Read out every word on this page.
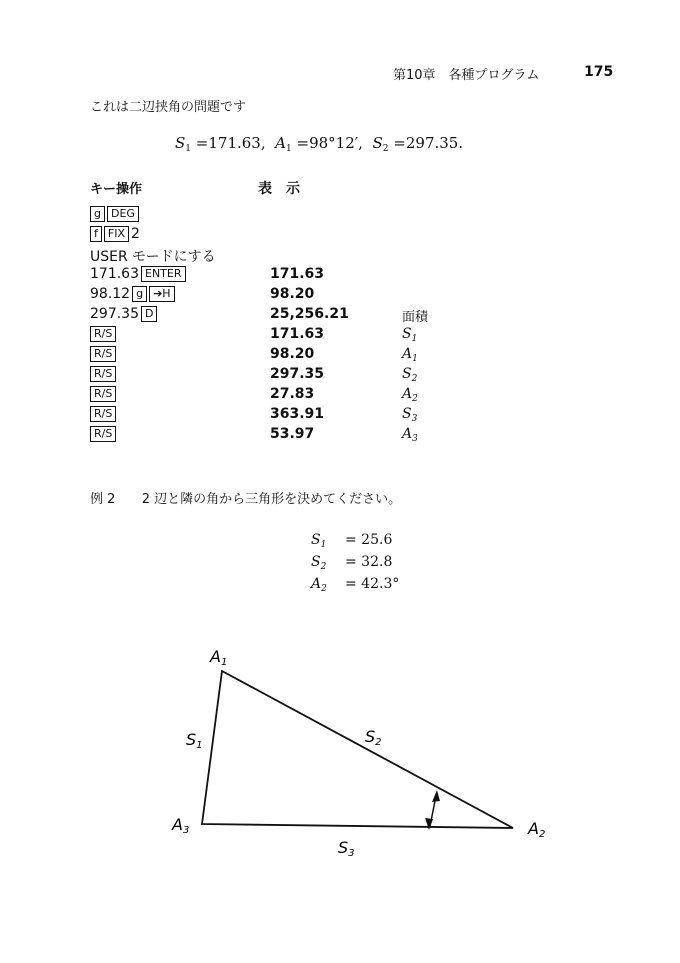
第10章　各種プログラム	175
これは二辺挟角の問題です
$S_1 =171.63$, $A_1 =98^\circ 12'$, $S_2 =297.35$.
キー操作	表　示
g DEG
f FIX 2
USER モードにする
171.63 ENTER	171.63
98.12 g ➔H	98.20
297.35 D	25,256.21	面積
R/S	171.63	$S_1$
R/S	98.20	$A_1$
R/S	297.35	$S_2$
R/S	27.83	$A_2$
R/S	363.91	$S_3$
R/S	53.97	$A_3$
例 2 2 辺と隣の角から三角形を決めてください。
$S_1 = 25.6$
$S_2 = 32.8$
$A_2 = 42.3^\circ$
A1
A3	A2
S1	S2
S3
